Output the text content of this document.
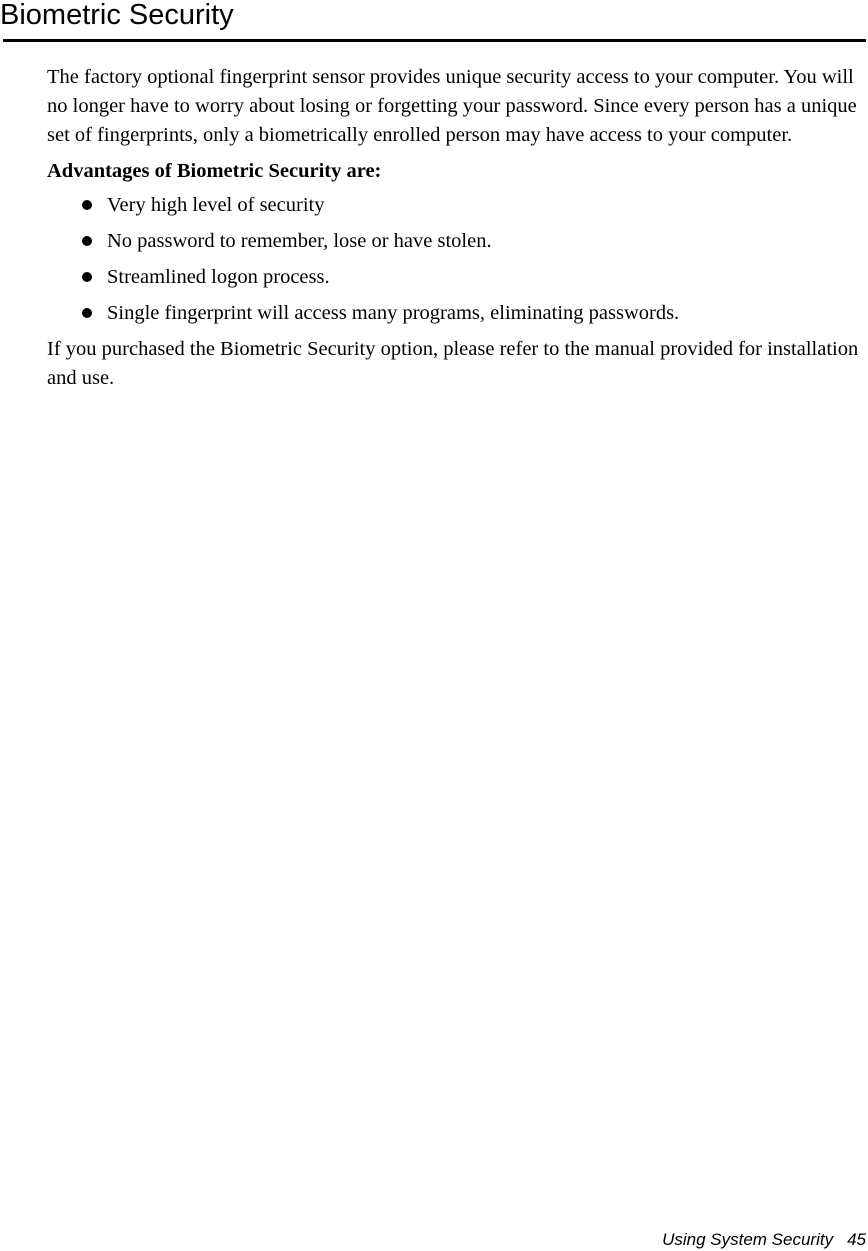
Biometric Security

The factory optional fingerprint sensor provides unique security access to your computer. You will no longer have to worry about losing or forgetting your password. Since every person has a unique set of fingerprints, only a biometrically enrolled person may have access to your computer.

Advantages of Biometric Security are:

Very high level of security
No password to remember, lose or have stolen.
Streamlined logon process.
Single fingerprint will access many programs, eliminating passwords.

If you purchased the Biometric Security option, please refer to the manual provided for installation and use.

Using System Security 45
